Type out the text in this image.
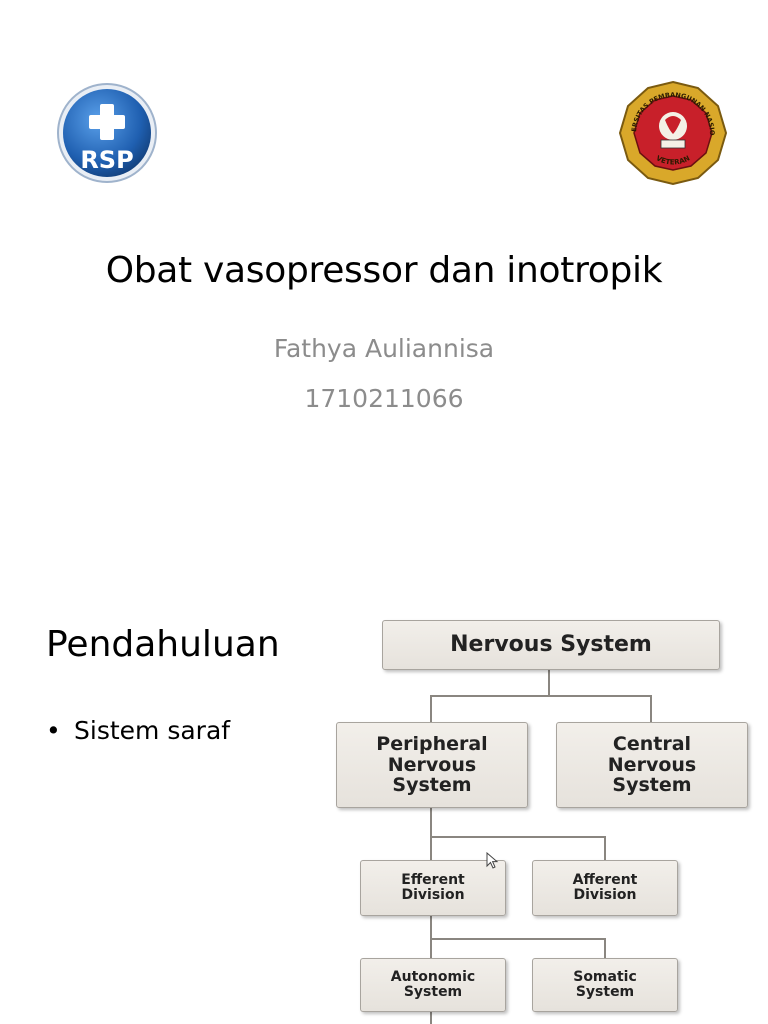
RSP
ERSITAS PEMBANGUNAN NASIO
VETERAN
Obat vasopressor dan inotropik
Fathya Auliannisa
1710211066
Pendahuluan
• Sistem saraf
Nervous System
Peripheral
Nervous
System
Central
Nervous
System
Efferent
Division
Afferent
Division
Autonomic
System
Somatic
System
